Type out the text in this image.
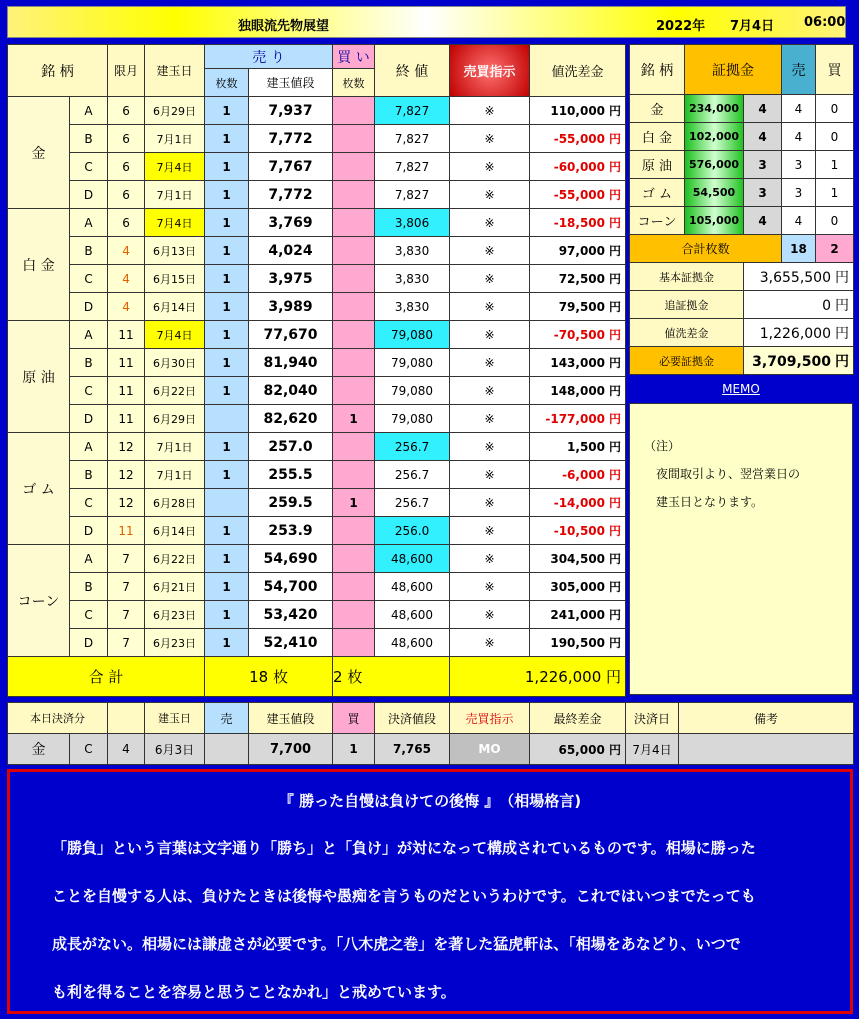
独眼流先物展望	2022年 7月4日 06:00
銘 柄		限月	建玉日	売 り		買 い	終 値	売買指示	値洗差金
				枚数	建玉値段	枚数			
金	A	6	6月29日	1	7,937		7,827	※	110,000 円
	B	6	7月1日	1	7,772		7,827	※	-55,000 円
	C	6	7月4日	1	7,767		7,827	※	-60,000 円
	D	6	7月1日	1	7,772		7,827	※	-55,000 円
白 金	A	6	7月4日	1	3,769		3,806	※	-18,500 円
	B	4	6月13日	1	4,024		3,830	※	97,000 円
	C	4	6月15日	1	3,975		3,830	※	72,500 円
	D	4	6月14日	1	3,989		3,830	※	79,500 円
原 油	A	11	7月4日	1	77,670		79,080	※	-70,500 円
	B	11	6月30日	1	81,940		79,080	※	143,000 円
	C	11	6月22日	1	82,040		79,080	※	148,000 円
	D	11	6月29日		82,620	1	79,080	※	-177,000 円
ゴ ム	A	12	7月1日	1	257.0		256.7	※	1,500 円
	B	12	7月1日	1	255.5		256.7	※	-6,000 円
	C	12	6月28日		259.5	1	256.7	※	-14,000 円
	D	11	6月14日	1	253.9		256.0	※	-10,500 円
コーン	A	7	6月22日	1	54,690		48,600	※	304,500 円
	B	7	6月21日	1	54,700		48,600	※	305,000 円
	C	7	6月23日	1	53,420		48,600	※	241,000 円
	D	7	6月23日	1	52,410		48,600	※	190,500 円
合 計				18 枚		2 枚		1,226,000 円	
銘 柄	証拠金		売	買
金	234,000	4	4	0
白 金	102,000	4	4	0
原 油	576,000	3	3	1
ゴ ム	54,500	3	3	1
コーン	105,000	4	4	0
合計枚数			18	2
基本証拠金		3,655,500 円		
追証拠金		0 円		
値洗差金		1,226,000 円		
必要証拠金		3,709,500 円		
MEMO
（注）
　夜間取引より、翌営業日の
　建玉日となります。
本日決済分			建玉日	売	建玉値段	買	決済値段	売買指示	最終差金	決済日	備考
金	C	4	6月3日		7,700	1	7,765	MO	65,000 円	7月4日	
『 勝った自慢は負けての後悔 』　（相場格言)
「勝負」という言葉は文字通り「勝ち」と「負け」が対になって構成されているものです。相場に勝った
ことを自慢する人は、負けたときは後悔や愚痴を言うものだというわけです。これではいつまでたっても
成長がない。相場には謙虚さが必要です。「八木虎之巻」を著した猛虎軒は、「相場をあなどり、いつで
も利を得ることを容易と思うことなかれ」と戒めています。
